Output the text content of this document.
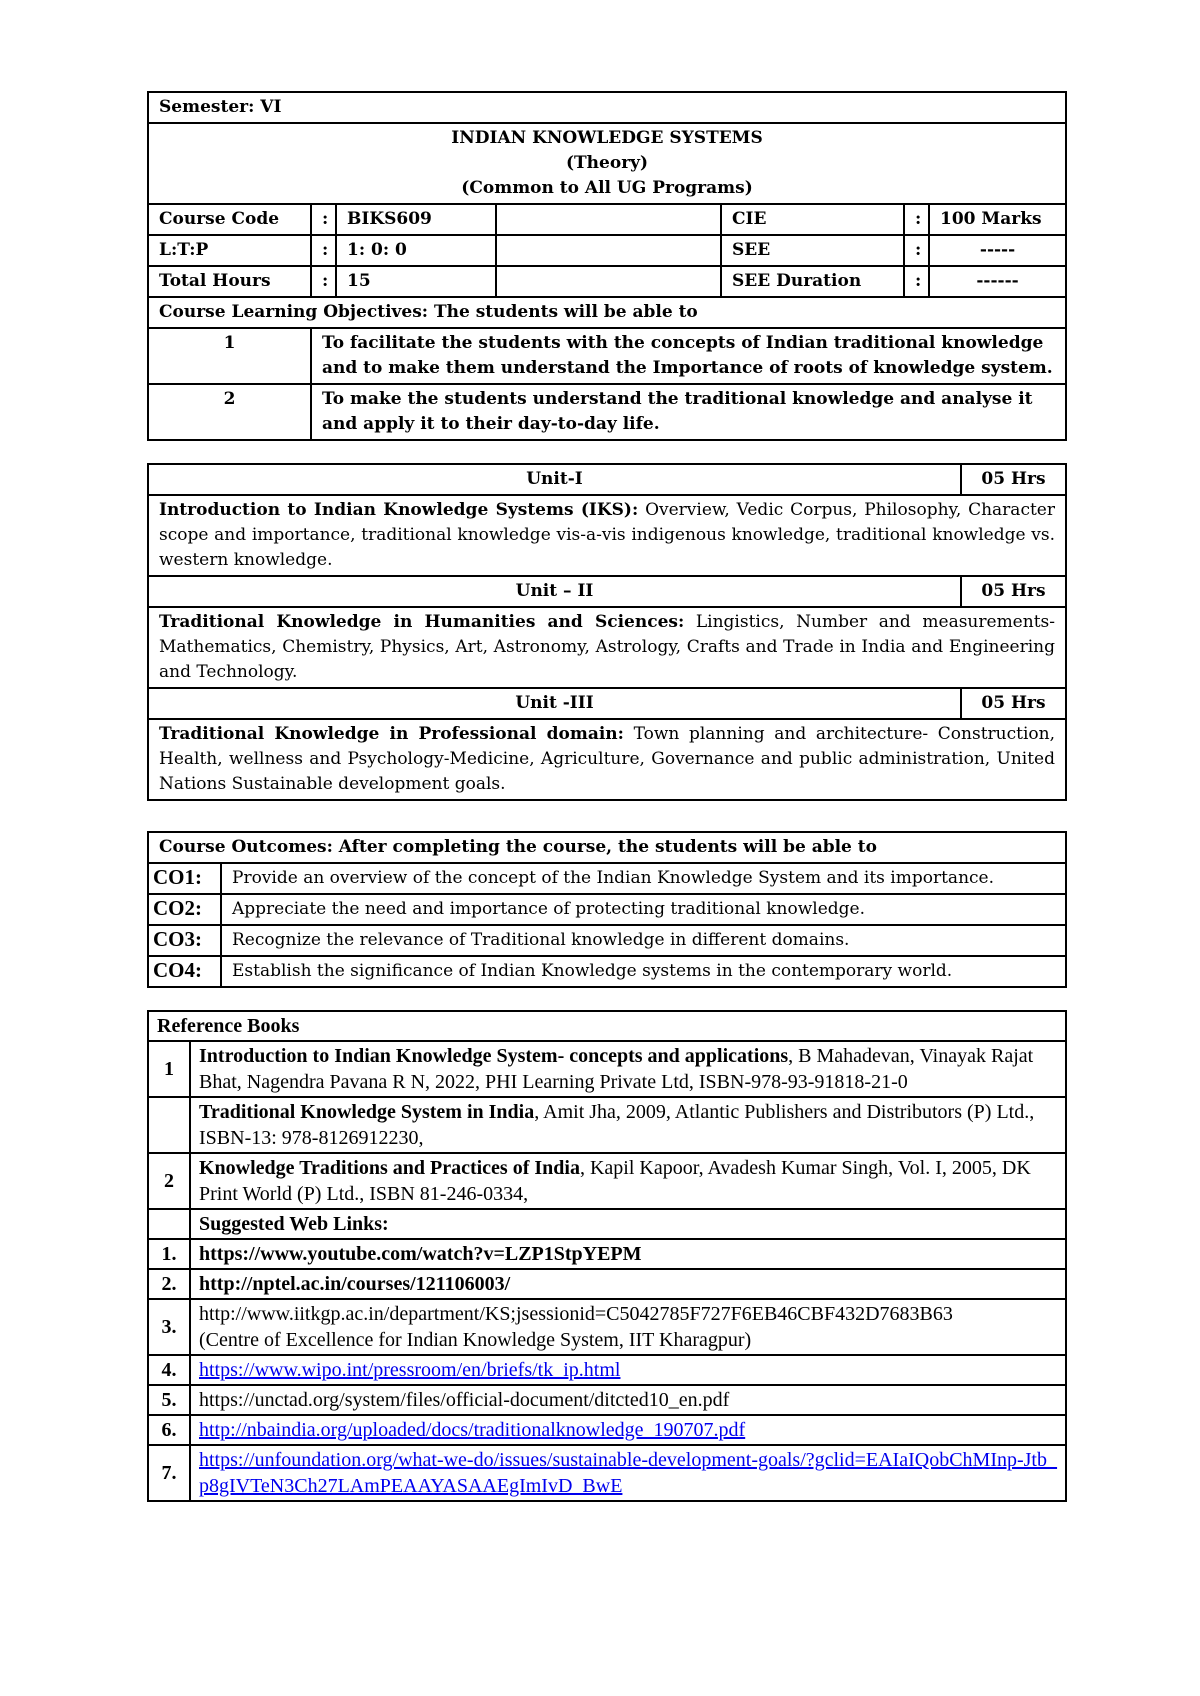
Semester: VI						

INDIAN KNOWLEDGE SYSTEMS
(Theory)
(Common to All UG Programs)						

Course Code	:	BIKS609		CIE	:	100 Marks
L:T:P	:	1: 0: 0		SEE	:	-----
Total Hours	:	15		SEE Duration	:	------
Course Learning Objectives: The students will be able to						
1	To facilitate the students with the concepts of Indian traditional knowledge and to make them understand the Importance of roots of knowledge system.					
2	To make the students understand the traditional knowledge and analyse it and apply it to their day-to-day life.					
Unit-I	05 Hrs
Introduction to Indian Knowledge Systems (IKS): Overview, Vedic Corpus, Philosophy, Character scope and importance, traditional knowledge vis-a-vis indigenous knowledge, traditional knowledge vs. western knowledge.	
Unit – II	05 Hrs
Traditional Knowledge in Humanities and Sciences: Lingistics, Number and measurements- Mathematics, Chemistry, Physics, Art, Astronomy, Astrology, Crafts and Trade in India and Engineering and Technology.	
Unit -III	05 Hrs
Traditional Knowledge in Professional domain: Town planning and architecture- Construction, Health, wellness and Psychology-Medicine, Agriculture, Governance and public administration, United Nations Sustainable development goals.	
Course Outcomes: After completing the course, the students will be able to	
CO1:	Provide an overview of the concept of the Indian Knowledge System and its importance.
CO2:	Appreciate the need and importance of protecting traditional knowledge.
CO3:	Recognize the relevance of Traditional knowledge in different domains.
CO4:	Establish the significance of Indian Knowledge systems in the contemporary world.
Reference Books	
1	Introduction to Indian Knowledge System- concepts and applications, B Mahadevan, Vinayak Rajat Bhat, Nagendra Pavana R N, 2022, PHI Learning Private Ltd, ISBN-978-93-91818-21-0
	Traditional Knowledge System in India, Amit Jha, 2009, Atlantic Publishers and Distributors (P) Ltd., ISBN-13: 978-8126912230,
2	Knowledge Traditions and Practices of India, Kapil Kapoor, Avadesh Kumar Singh, Vol. I, 2005, DK Print World (P) Ltd., ISBN 81-246-0334,
	Suggested Web Links:
1.	https://www.youtube.com/watch?v=LZP1StpYEPM
2.	http://nptel.ac.in/courses/121106003/
3.	http://www.iitkgp.ac.in/department/KS;jsessionid=C5042785F727F6EB46CBF432D7683B63
(Centre of Excellence for Indian Knowledge System, IIT Kharagpur)

4.	https://www.wipo.int/pressroom/en/briefs/tk_ip.html
5.	https://unctad.org/system/files/official-document/ditcted10_en.pdf
6.	http://nbaindia.org/uploaded/docs/traditionalknowledge_190707.pdf
7.	https://unfoundation.org/what-we-do/issues/sustainable-development-goals/?gclid=EAIaIQobChMInp-Jtb_p8gIVTeN3Ch27LAmPEAAYASAAEgImIvD_BwE
